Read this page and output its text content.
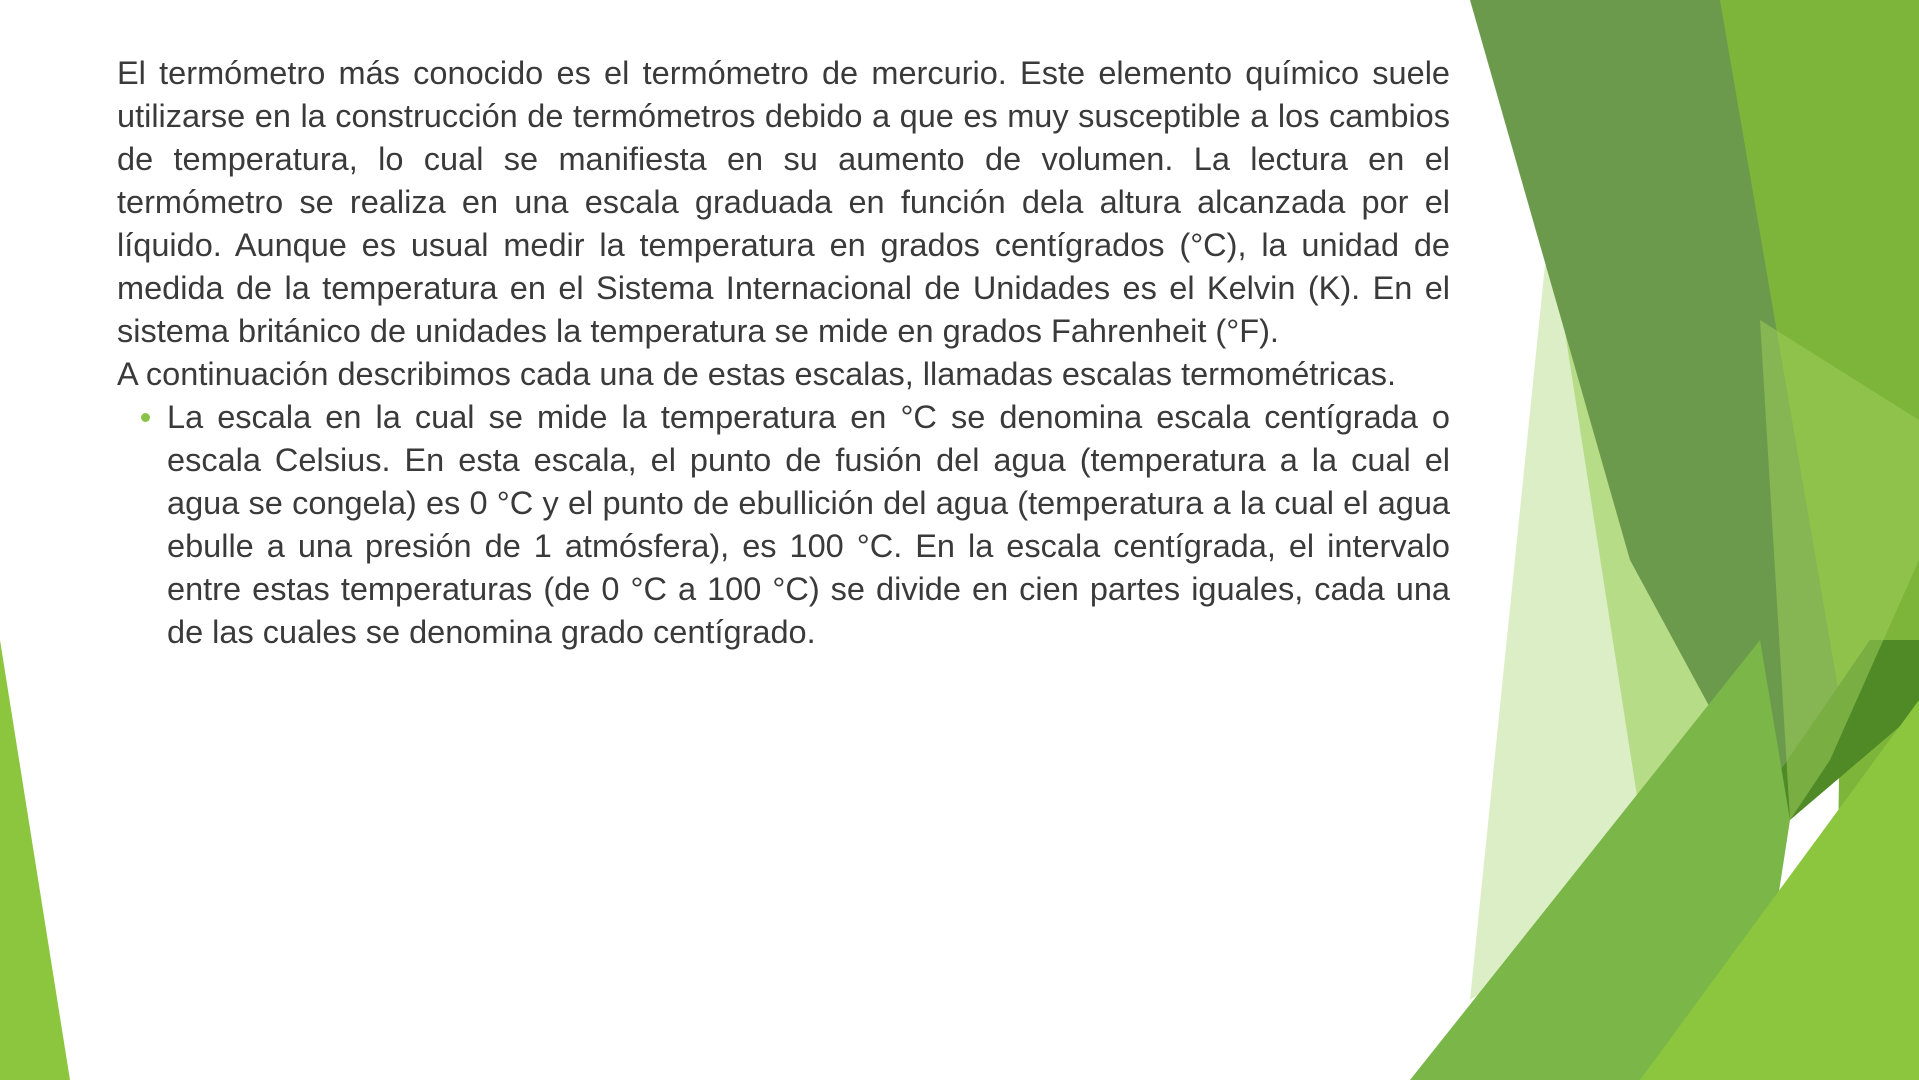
El termómetro más conocido es el termómetro de mercurio. Este elemento químico suele utilizarse en la construcción de termómetros debido a que es muy susceptible a los cambios de temperatura, lo cual se manifiesta en su aumento de volumen. La lectura en el termómetro se realiza en una escala graduada en función dela altura alcanzada por el líquido. Aunque es usual medir la temperatura en grados centígrados (°C), la unidad de medida de la temperatura en el Sistema Internacional de Unidades es el Kelvin (K). En el sistema británico de unidades la temperatura se mide en grados Fahrenheit (°F).

A continuación describimos cada una de estas escalas, llamadas escalas termométricas.

La escala en la cual se mide la temperatura en °C se denomina escala centígrada o escala Celsius. En esta escala, el punto de fusión del agua (temperatura a la cual el agua se congela) es 0 °C y el punto de ebullición del agua (temperatura a la cual el agua ebulle a una presión de 1 atmósfera), es 100 °C. En la escala centígrada, el intervalo entre estas temperaturas (de 0 °C a 100 °C) se divide en cien partes iguales, cada una de las cuales se denomina grado centígrado.
